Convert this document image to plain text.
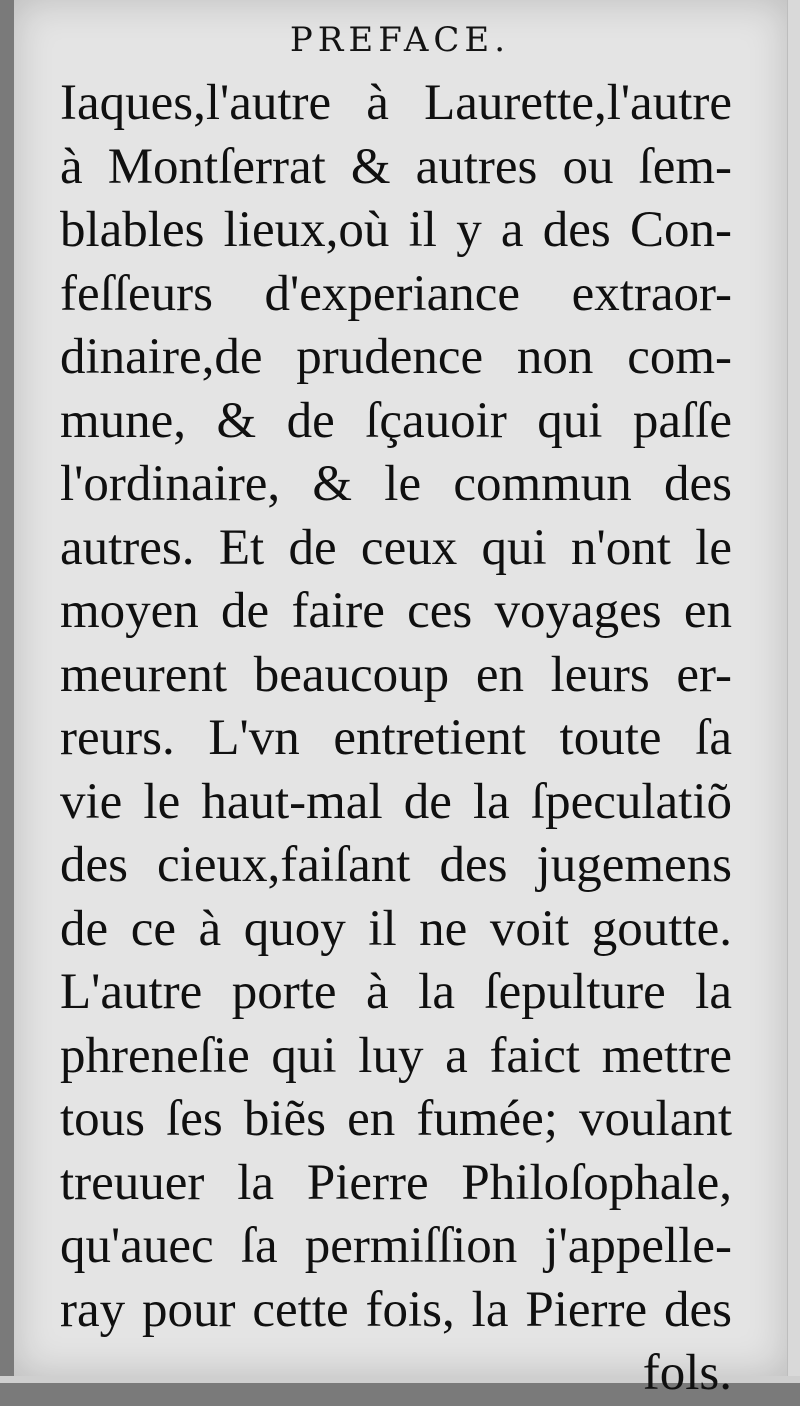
PREFACE.
Iaques,l'autre à Laurette,l'autre
à Montſerrat & autres ou ſem-
blables lieux,où il y a des Con-
feſſeurs d'experiance extraor-
dinaire,de prudence non com-
mune, & de ſçauoir qui paſſe
l'ordinaire, & le commun des
autres. Et de ceux qui n'ont le
moyen de faire ces voyages en
meurent beaucoup en leurs er-
reurs. L'vn entretient toute ſa
vie le haut-mal de la ſpeculatiõ
des cieux,faiſant des jugemens
de ce à quoy il ne voit goutte.
L'autre porte à la ſepulture la
phreneſie qui luy a faict mettre
tous ſes biẽs en fumée; voulant
treuuer la Pierre Philoſophale,
qu'auec ſa permiſſion j'appelle-
ray pour cette fois, la Pierre des
fols.
